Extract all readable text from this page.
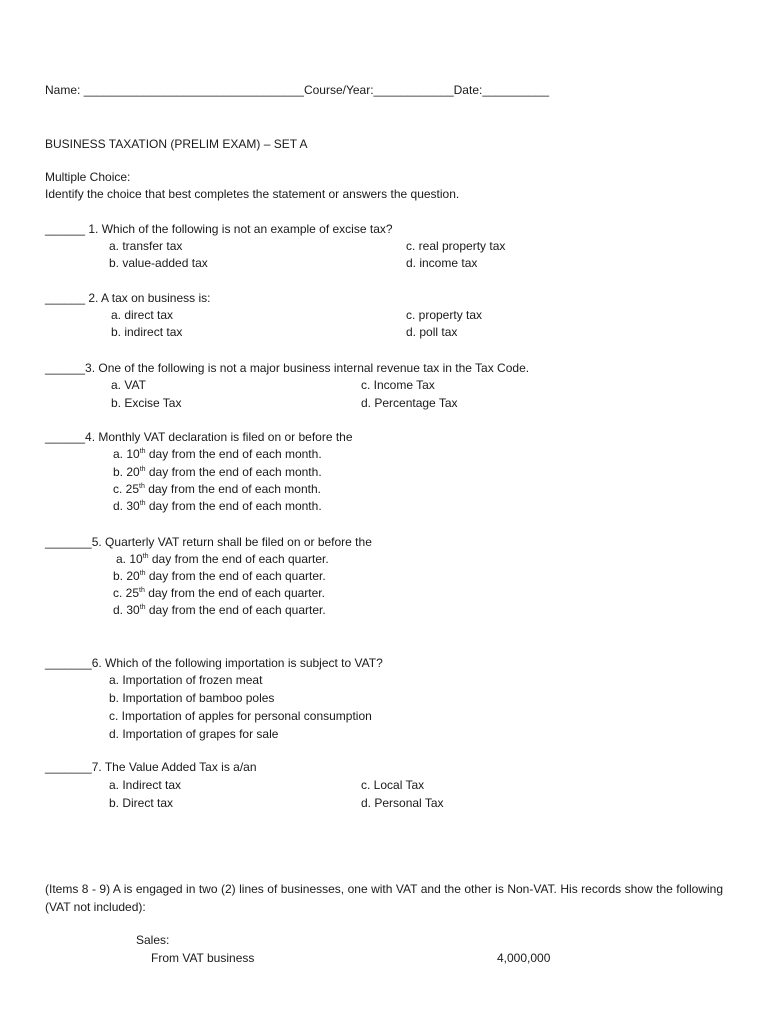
Name: _________________________________Course/Year:____________Date:__________
BUSINESS TAXATION (PRELIM EXAM) – SET A
Multiple Choice:
Identify the choice that best completes the statement or answers the question.
______ 1. Which of the following is not an example of excise tax?
a. transfer tax
b. value-added tax
c. real property tax
d. income tax
______ 2. A tax on business is:
a. direct tax
b. indirect tax
c. property tax
d. poll tax
______3. One of the following is not a major business internal revenue tax in the Tax Code.
a. VAT
b. Excise Tax
c. Income Tax
d. Percentage Tax
______4. Monthly VAT declaration is filed on or before the
a. 10th day from the end of each month.
b. 20th day from the end of each month.
c. 25th day from the end of each month.
d. 30th day from the end of each month.
_______5. Quarterly VAT return shall be filed on or before the
a. 10th day from the end of each quarter.
b. 20th day from the end of each quarter.
c. 25th day from the end of each quarter.
d. 30th day from the end of each quarter.
_______6. Which of the following importation is subject to VAT?
a. Importation of frozen meat
b. Importation of bamboo poles
c. Importation of apples for personal consumption
d. Importation of grapes for sale
_______7. The Value Added Tax is a/an
a. Indirect tax
b. Direct tax
c. Local Tax
d. Personal Tax
(Items 8 - 9) A is engaged in two (2) lines of businesses, one with VAT and the other is Non-VAT. His records show the following (VAT not included):
Sales:
From VAT business	4,000,000
